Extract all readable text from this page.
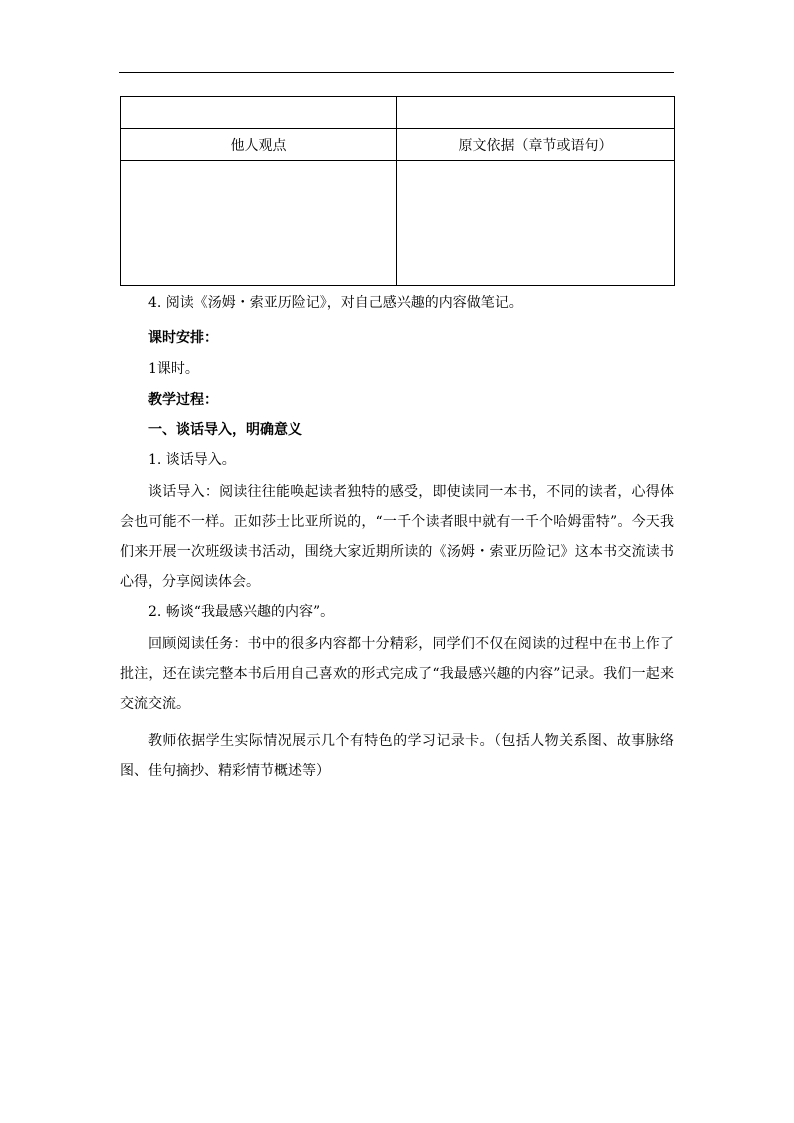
他人观点	原文依据（章节或语句）

4. 阅读《汤姆・索亚历险记》，对自己感兴趣的内容做笔记。
课时安排：
1课时。
教学过程：
一、谈话导入，明确意义
1. 谈话导入。
谈话导入：阅读往往能唤起读者独特的感受，即使读同一本书，不同的读者，心得体会也可能不一样。正如莎士比亚所说的，“一千个读者眼中就有一千个哈姆雷特”。今天我们来开展一次班级读书活动，围绕大家近期所读的《汤姆・索亚历险记》这本书交流读书心得，分享阅读体会。
2. 畅谈“我最感兴趣的内容”。
回顾阅读任务：书中的很多内容都十分精彩，同学们不仅在阅读的过程中在书上作了批注，还在读完整本书后用自己喜欢的形式完成了“我最感兴趣的内容”记录。我们一起来交流交流。
教师依据学生实际情况展示几个有特色的学习记录卡。（包括人物关系图、故事脉络图、佳句摘抄、精彩情节概述等）
